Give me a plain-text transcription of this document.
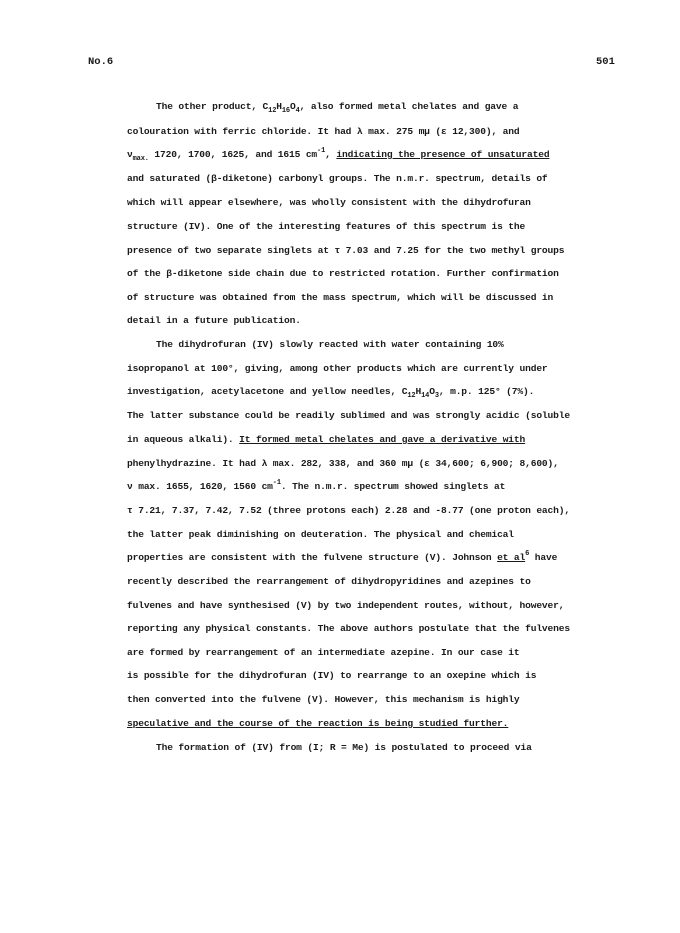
No.6	501
The other product, $C_{12}H_{16}O_4$, also formed metal chelates and gave a
colouration with ferric chloride. It had λ max. 275 mμ (ε 12,300), and
$\nu_{max.}$ 1720, 1700, 1625, and 1615 $cm^{-1}$, indicating the presence of unsaturated
and saturated (β-diketone) carbonyl groups. The n.m.r. spectrum, details of
which will appear elsewhere, was wholly consistent with the dihydrofuran
structure (IV). One of the interesting features of this spectrum is the
presence of two separate singlets at τ 7.03 and 7.25 for the two methyl groups
of the β-diketone side chain due to restricted rotation. Further confirmation
of structure was obtained from the mass spectrum, which will be discussed in
detail in a future publication.
The dihydrofuran (IV) slowly reacted with water containing 10%
isopropanol at 100°, giving, among other products which are currently under
investigation, acetylacetone and yellow needles, $C_{12}H_{14}O_3$, m.p. 125° (7%).
The latter substance could be readily sublimed and was strongly acidic (soluble
in aqueous alkali). It formed metal chelates and gave a derivative with
phenylhydrazine. It had λ max. 282, 338, and 360 mμ (ε 34,600; 6,900; 8,600),
ν max. 1655, 1620, 1560 $cm^{-1}$. The n.m.r. spectrum showed singlets at
τ 7.21, 7.37, 7.42, 7.52 (three protons each) 2.28 and -8.77 (one proton each),
the latter peak diminishing on deuteration. The physical and chemical
properties are consistent with the fulvene structure (V). Johnson et $al^6$ have
recently described the rearrangement of dihydropyridines and azepines to
fulvenes and have synthesised (V) by two independent routes, without, however,
reporting any physical constants. The above authors postulate that the fulvenes
are formed by rearrangement of an intermediate azepine. In our case it
is possible for the dihydrofuran (IV) to rearrange to an oxepine which is
then converted into the fulvene (V). However, this mechanism is highly
speculative and the course of the reaction is being studied further.
The formation of (IV) from (I; R = Me) is postulated to proceed via
